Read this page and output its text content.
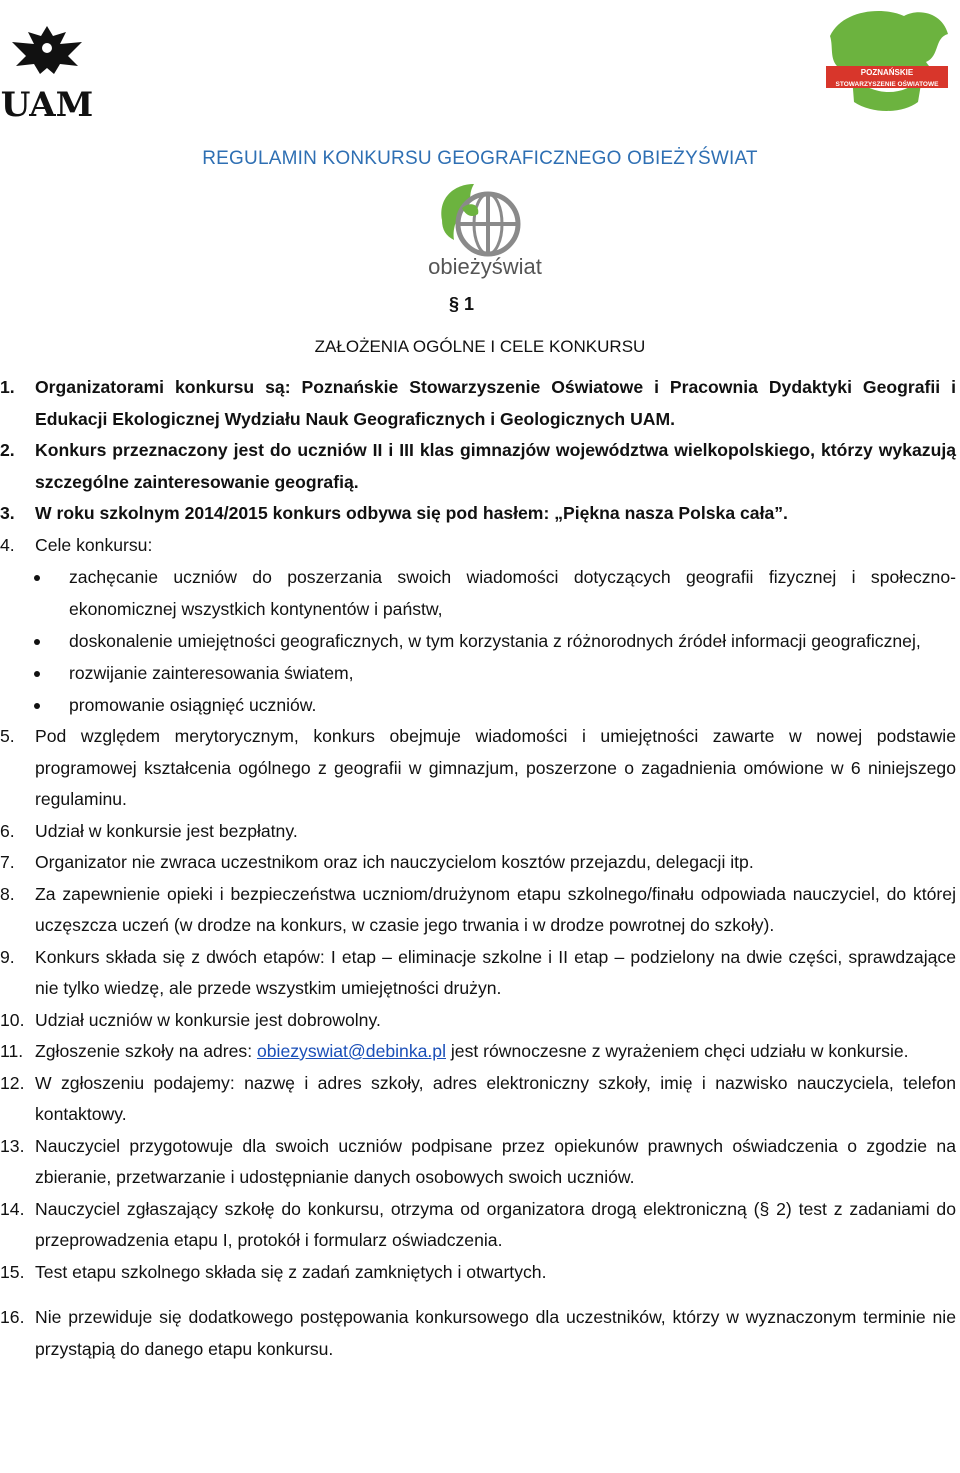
UAM
POZNAŃSKIE
STOWARZYSZENIE OŚWIATOWE
obieżyświat
REGULAMIN KONKURSU GEOGRAFICZNEGO OBIEŻYŚWIAT
§ 1
ZAŁOŻENIA OGÓLNE I CELE KONKURSU
1. Organizatorami konkursu są: Poznańskie Stowarzyszenie Oświatowe i Pracownia Dydaktyki Geografii i Edukacji Ekologicznej Wydziału Nauk Geograficznych i Geologicznych UAM.
2. Konkurs przeznaczony jest do uczniów II i III klas gimnazjów województwa wielkopolskiego, którzy wykazują szczególne zainteresowanie geografią.
3. W roku szkolnym 2014/2015 konkurs odbywa się pod hasłem: „Piękna nasza Polska cała”.
4. Cele konkursu:
zachęcanie uczniów do poszerzania swoich wiadomości dotyczących geografii fizycznej i społeczno-ekonomicznej wszystkich kontynentów i państw,
doskonalenie umiejętności geograficznych, w tym korzystania z różnorodnych źródeł informacji geograficznej,
rozwijanie zainteresowania światem,
promowanie osiągnięć uczniów.
5. Pod względem merytorycznym, konkurs obejmuje wiadomości i umiejętności zawarte w nowej podstawie programowej kształcenia ogólnego z geografii w gimnazjum, poszerzone o zagadnienia omówione w 6 niniejszego regulaminu.
6. Udział w konkursie jest bezpłatny.
7. Organizator nie zwraca uczestnikom oraz ich nauczycielom kosztów przejazdu, delegacji itp.
8. Za zapewnienie opieki i bezpieczeństwa uczniom/drużynom etapu szkolnego/finału odpowiada nauczyciel, do której uczęszcza uczeń (w drodze na konkurs, w czasie jego trwania i w drodze powrotnej do szkoły).
9. Konkurs składa się z dwóch etapów: I etap – eliminacje szkolne i II etap – podzielony na dwie części, sprawdzające nie tylko wiedzę, ale przede wszystkim umiejętności drużyn.
10. Udział uczniów w konkursie jest dobrowolny.
11. Zgłoszenie szkoły na adres: obiezyswiat@debinka.pl jest równoczesne z wyrażeniem chęci udziału w konkursie.
12. W zgłoszeniu podajemy: nazwę i adres szkoły, adres elektroniczny szkoły, imię i nazwisko nauczyciela, telefon kontaktowy.
13. Nauczyciel przygotowuje dla swoich uczniów podpisane przez opiekunów prawnych oświadczenia o zgodzie na zbieranie, przetwarzanie i udostępnianie danych osobowych swoich uczniów.
14. Nauczyciel zgłaszający szkołę do konkursu, otrzyma od organizatora drogą elektroniczną (§ 2) test z zadaniami do przeprowadzenia etapu I, protokół i formularz oświadczenia.
15. Test etapu szkolnego składa się z zadań zamkniętych i otwartych.
16. Nie przewiduje się dodatkowego postępowania konkursowego dla uczestników, którzy w wyznaczonym terminie nie przystąpią do danego etapu konkursu.
